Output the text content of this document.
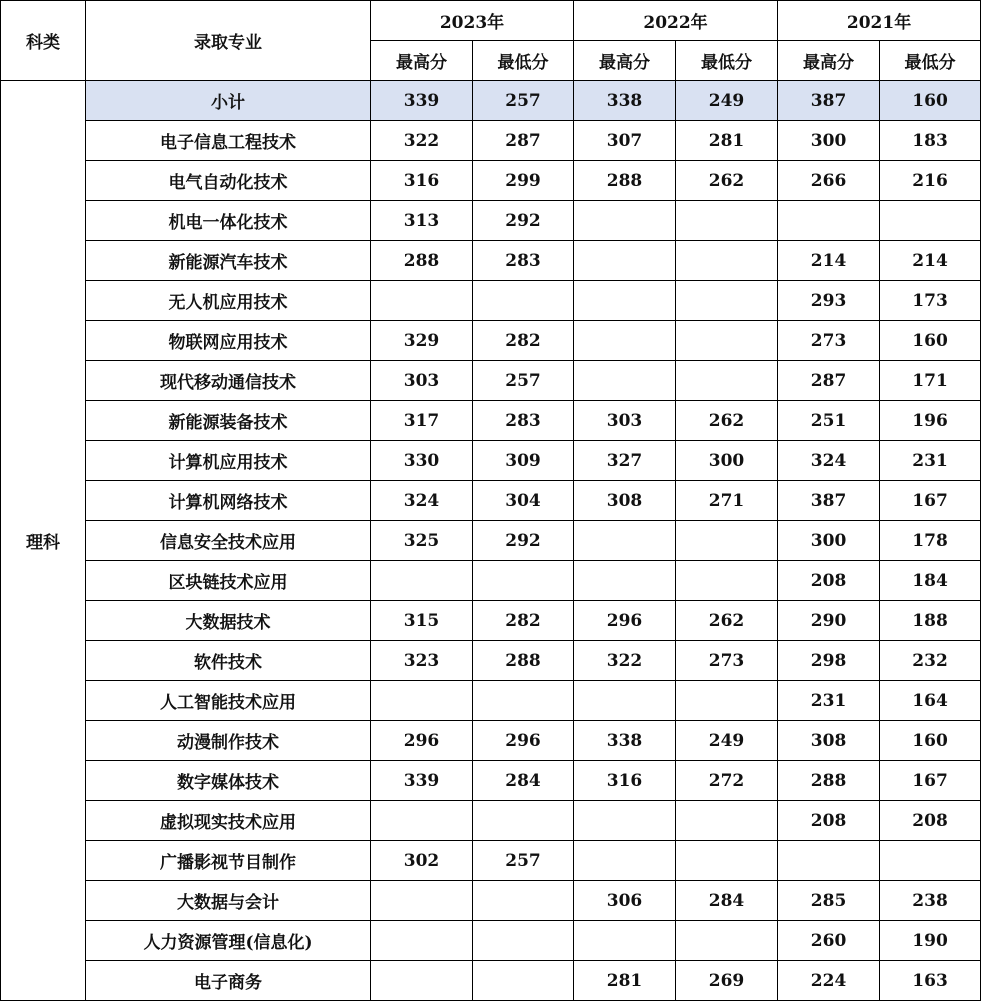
科类	录取专业	2023年		2022年		2021年	
		最高分	最低分	最高分	最低分	最高分	最低分
理科	小计	339	257	338	249	387	160
	电子信息工程技术	322	287	307	281	300	183
	电气自动化技术	316	299	288	262	266	216
	机电一体化技术	313	292				
	新能源汽车技术	288	283			214	214
	无人机应用技术					293	173
	物联网应用技术	329	282			273	160
	现代移动通信技术	303	257			287	171
	新能源装备技术	317	283	303	262	251	196
	计算机应用技术	330	309	327	300	324	231
	计算机网络技术	324	304	308	271	387	167
	信息安全技术应用	325	292			300	178
	区块链技术应用					208	184
	大数据技术	315	282	296	262	290	188
	软件技术	323	288	322	273	298	232
	人工智能技术应用					231	164
	动漫制作技术	296	296	338	249	308	160
	数字媒体技术	339	284	316	272	288	167
	虚拟现实技术应用					208	208
	广播影视节目制作	302	257				
	大数据与会计			306	284	285	238
	人力资源管理(信息化)					260	190
	电子商务			281	269	224	163
